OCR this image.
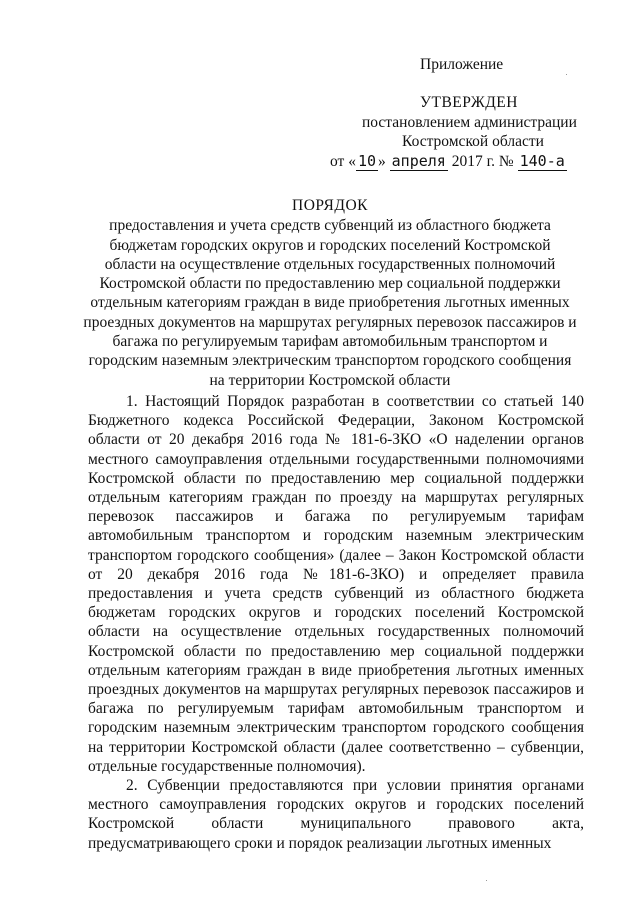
Приложение
УТВЕРЖДЕН
постановлением администрации
Костромской области
от « 10 » апреля 2017 г. № 140-а
ПОРЯДОК
предоставления и учета средств субвенций из областного бюджета
бюджетам городских округов и городских поселений Костромской
области на осуществление отдельных государственных полномочий
Костромской области по предоставлению мер социальной поддержки
отдельным категориям граждан в виде приобретения льготных именных
проездных документов на маршрутах регулярных перевозок пассажиров и
багажа по регулируемым тарифам автомобильным транспортом и
городским наземным электрическим транспортом городского сообщения
на территории Костромской области

1. Настоящий Порядок разработан в соответствии со статьей 140 Бюджетного кодекса Российской Федерации, Законом Костромской области от 20 декабря 2016 года № 181-6-ЗКО «О наделении органов местного самоуправления отдельными государственными полномочиями Костромской области по предоставлению мер социальной поддержки отдельным категориям граждан по проезду на маршрутах регулярных перевозок пассажиров и багажа по регулируемым тарифам автомобильным транспортом и городским наземным электрическим транспортом городского сообщения» (далее – Закон Костромской области от 20 декабря 2016 года №181-6-ЗКО) и определяет правила предоставления и учета средств субвенций из областного бюджета бюджетам городских округов и городских поселений Костромской области на осуществление отдельных государственных полномочий Костромской области по предоставлению мер социальной поддержки отдельным категориям граждан в виде приобретения льготных именных проездных документов на маршрутах регулярных перевозок пассажиров и багажа по регулируемым тарифам автомобильным транспортом и городским наземным электрическим транспортом городского сообщения на территории Костромской области (далее соответственно – субвенции, отдельные государственные полномочия).

2. Субвенции предоставляются при условии принятия органами местного самоуправления городских округов и городских поселений Костромской области муниципального правового акта, предусматривающего сроки и порядок реализации льготных именных
